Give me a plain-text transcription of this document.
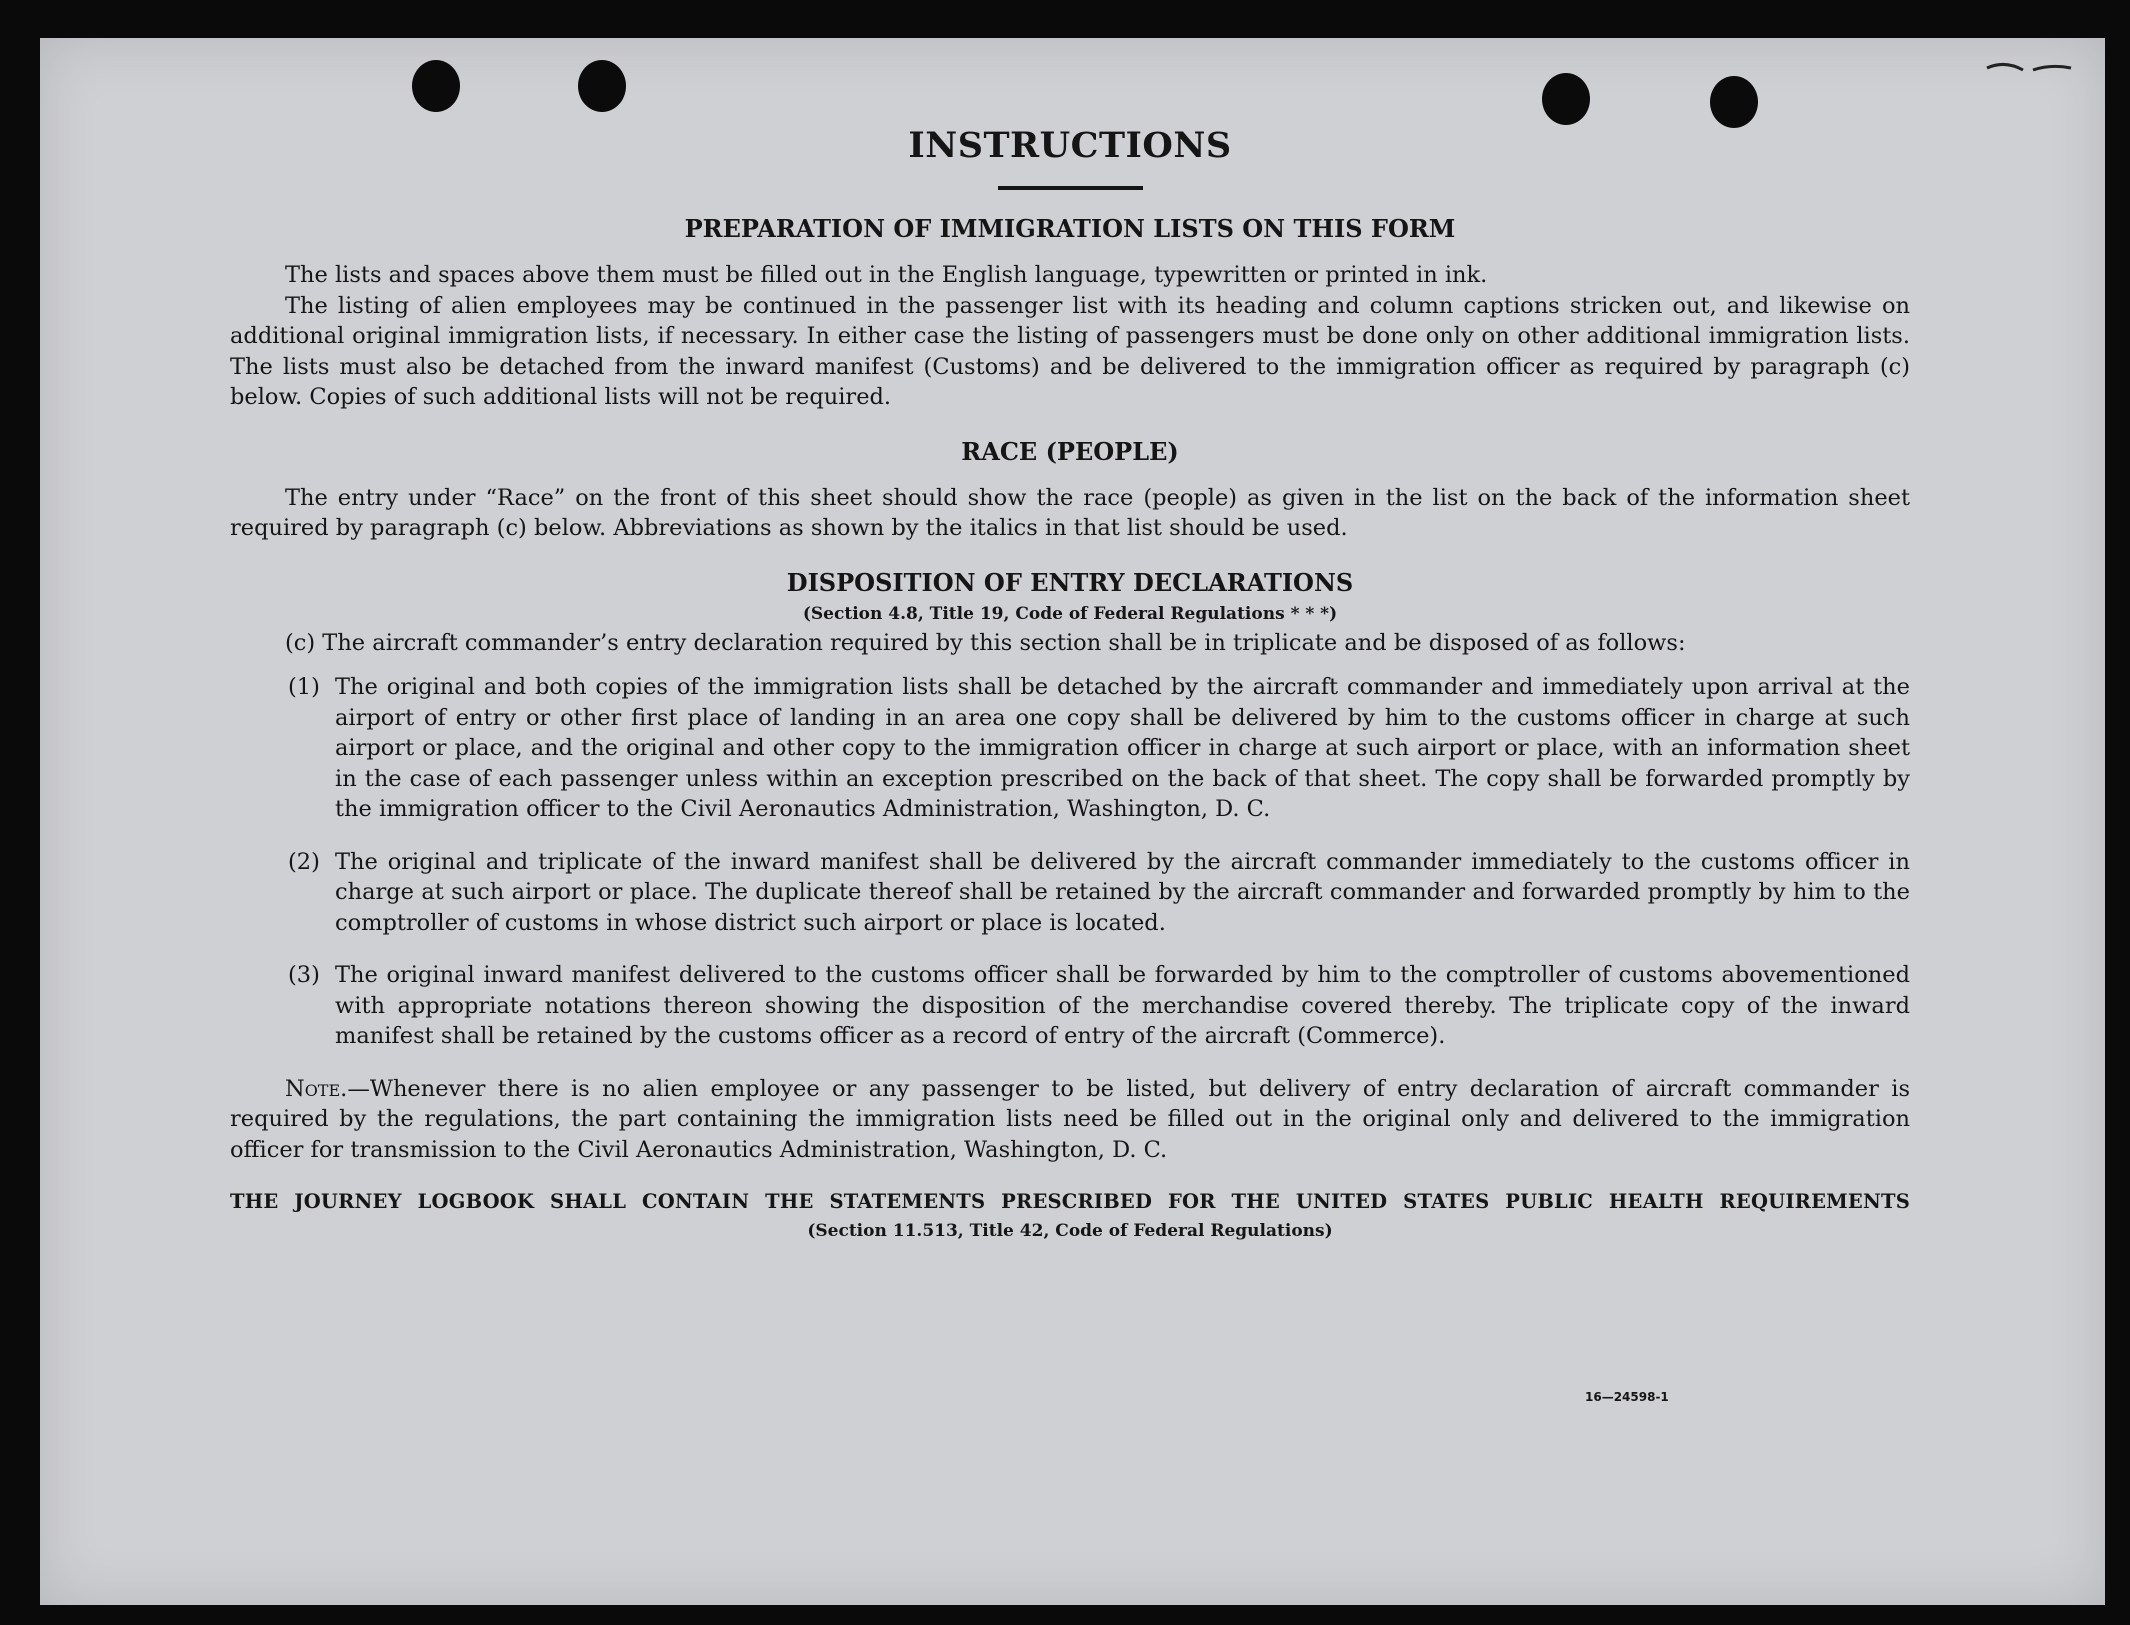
INSTRUCTIONS
PREPARATION OF IMMIGRATION LISTS ON THIS FORM

The lists and spaces above them must be filled out in the English language, typewritten or printed in ink.

The listing of alien employees may be continued in the passenger list with its heading and column captions stricken out, and likewise on additional original immigration lists, if necessary. In either case the listing of passengers must be done only on other additional immigration lists. The lists must also be detached from the inward manifest (Customs) and be delivered to the immigration officer as required by paragraph (c) below. Copies of such additional lists will not be required.

RACE (PEOPLE)

The entry under “Race” on the front of this sheet should show the race (people) as given in the list on the back of the information sheet required by paragraph (c) below. Abbreviations as shown by the italics in that list should be used.

DISPOSITION OF ENTRY DECLARATIONS
(Section 4.8, Title 19, Code of Federal Regulations * * *)

(c) The aircraft commander’s entry declaration required by this section shall be in triplicate and be disposed of as follows:

(1) The original and both copies of the immigration lists shall be detached by the aircraft commander and immediately upon arrival at the airport of entry or other first place of landing in an area one copy shall be delivered by him to the customs officer in charge at such airport or place, and the original and other copy to the immigration officer in charge at such airport or place, with an information sheet in the case of each passenger unless within an exception prescribed on the back of that sheet. The copy shall be forwarded promptly by the immigration officer to the Civil Aeronautics Administration, Washington, D. C.

(2) The original and triplicate of the inward manifest shall be delivered by the aircraft commander immediately to the customs officer in charge at such airport or place. The duplicate thereof shall be retained by the aircraft commander and forwarded promptly by him to the comptroller of customs in whose district such airport or place is located.

(3) The original inward manifest delivered to the customs officer shall be forwarded by him to the comptroller of customs abovementioned with appropriate notations thereon showing the disposition of the merchandise covered thereby. The triplicate copy of the inward manifest shall be retained by the customs officer as a record of entry of the aircraft (Commerce).

Note.—Whenever there is no alien employee or any passenger to be listed, but delivery of entry declaration of aircraft commander is required by the regulations, the part containing the immigration lists need be filled out in the original only and delivered to the immigration officer for transmission to the Civil Aeronautics Administration, Washington, D. C.

THE JOURNEY LOGBOOK SHALL CONTAIN THE STATEMENTS PRESCRIBED FOR THE UNITED STATES PUBLIC HEALTH REQUIREMENTS
(Section 11.513, Title 42, Code of Federal Regulations)
16—24598-1
